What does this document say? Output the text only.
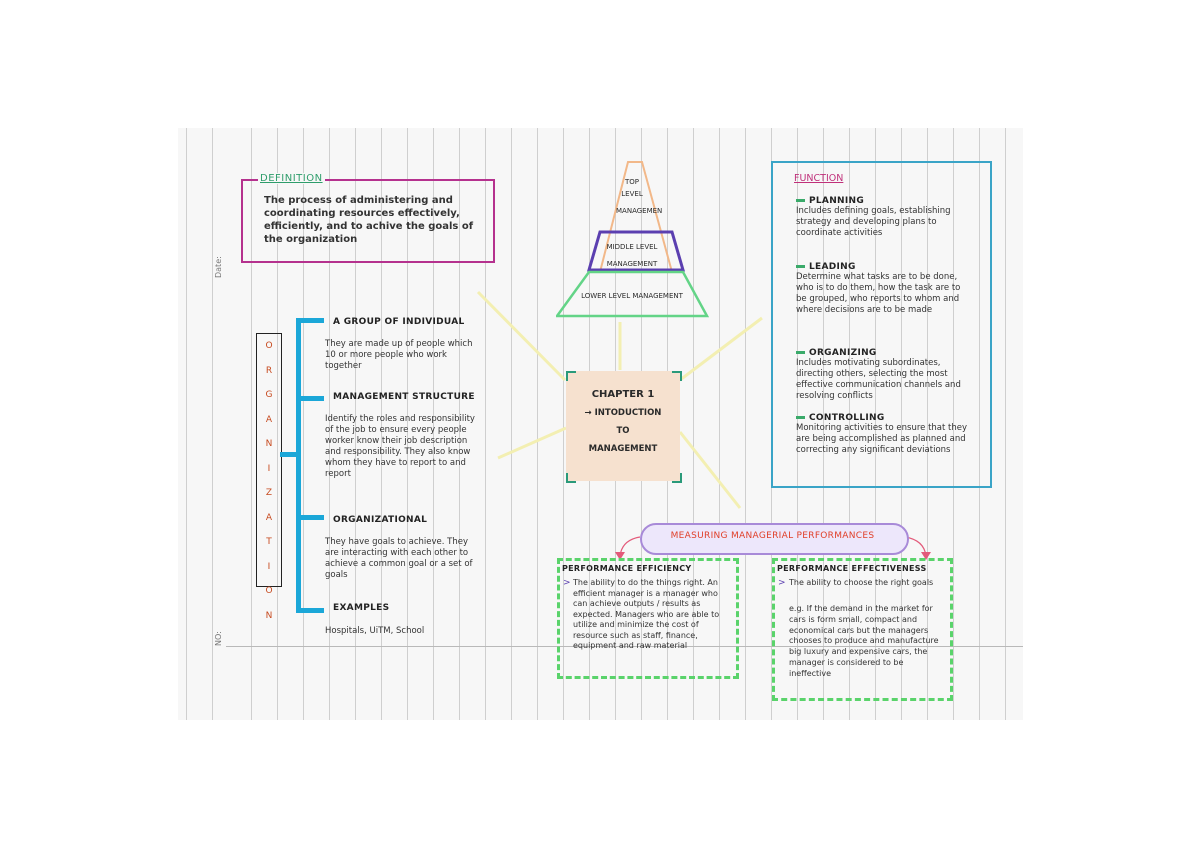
Date:
NO:
DEFINITION
The process of administering and coordinating resources effectively, efficiently, and to achive the goals of the organization
O
R
G
A
N
I
Z
A
T
I
O
N
A GROUP OF INDIVIDUAL
They are made up of people which 10 or more people who work together
MANAGEMENT STRUCTURE
Identify the roles and responsibility of the job to ensure every people worker know their job description and responsibility. They also know whom they have to report to and report
ORGANIZATIONAL
They have goals to achieve. They are interacting with each other to achieve a common goal or a set of goals
EXAMPLES
Hospitals, UiTM, School
TOP
LEVEL
MANAGEMEN
MIDDLE LEVEL
MANAGEMENT
LOWER LEVEL MANAGEMENT
CHAPTER 1
→ INTODUCTION
TO
MANAGEMENT
FUNCTION
PLANNING
Includes defining goals, establishing strategy and developing plans to coordinate activities
LEADING
Determine what tasks are to be done, who is to do them, how the task are to be grouped, who reports to whom and where decisions are to be made
ORGANIZING
Includes motivating subordinates, directing others, selecting the most effective communication channels and resolving conflicts
CONTROLLING
Monitoring activities to ensure that they are being accomplished as planned and correcting any significant deviations
MEASURING MANAGERIAL PERFORMANCES
PERFORMANCE EFFICIENCY
> The ability to do the things right. An efficient manager is a manager who can achieve outputs / results as expected. Managers who are able to utilize and minimize the cost of resource such as staff, finance, equipment and raw material
PERFORMANCE EFFECTIVENESS
> The ability to choose the right goals
e.g. If the demand in the market for cars is form small, compact and economical cars but the managers chooses to produce and manufacture big luxury and expensive cars, the manager is considered to be ineffective
